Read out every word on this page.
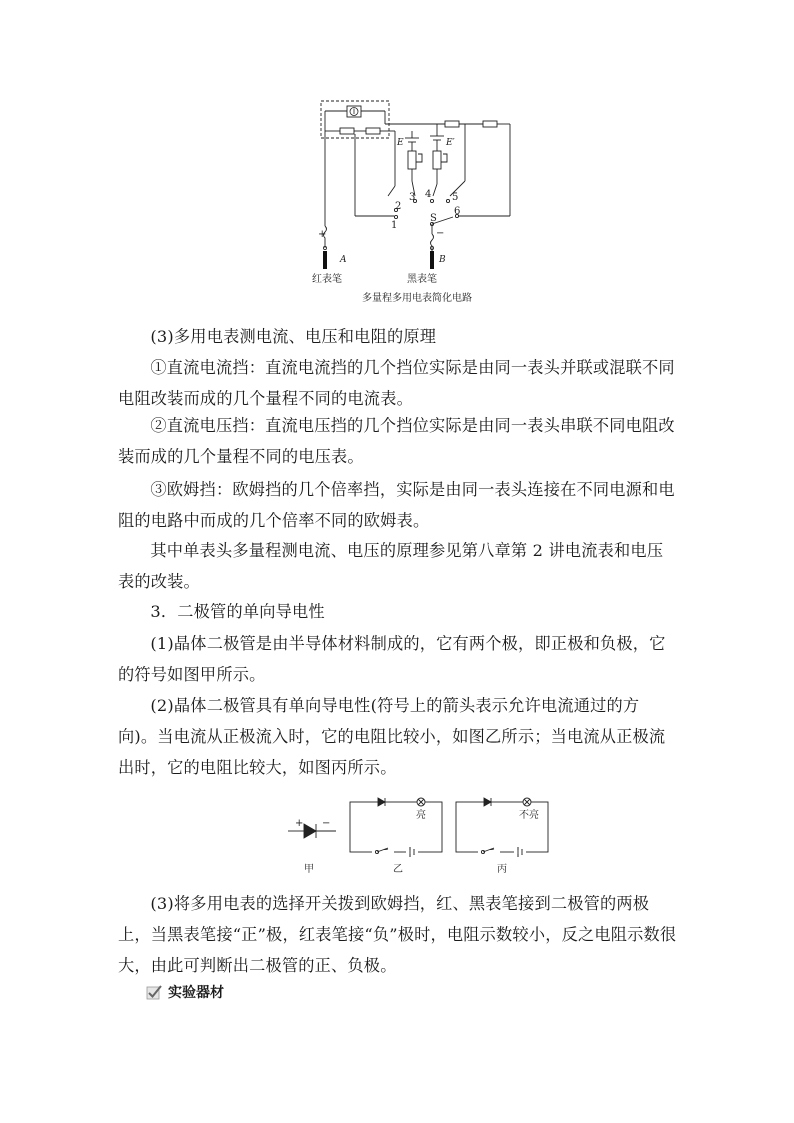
E	E′
2
1
3 4 5
6
S
+	−
A	B
红表笔	黑表笔
多量程多用电表简化电路

(3)多用电表测电流、电压和电阻的原理

①直流电流挡：直流电流挡的几个挡位实际是由同一表头并联或混联不同电阻改装而成的几个量程不同的电流表。

②直流电压挡：直流电压挡的几个挡位实际是由同一表头串联不同电阻改装而成的几个量程不同的电压表。

③欧姆挡：欧姆挡的几个倍率挡，实际是由同一表头连接在不同电源和电阻的电路中而成的几个倍率不同的欧姆表。

其中单表头多量程测电流、电压的原理参见第八章第 2 讲电流表和电压表的改装。

3．二极管的单向导电性

(1)晶体二极管是由半导体材料制成的，它有两个极，即正极和负极，它的符号如图甲所示。

(2)晶体二极管具有单向导电性(符号上的箭头表示允许电流通过的方向)。当电流从正极流入时，它的电阻比较小，如图乙所示；当电流从正极流出时，它的电阻比较大，如图丙所示。

+ −
亮	不亮
甲	乙	丙

(3)将多用电表的选择开关拨到欧姆挡，红、黑表笔接到二极管的两极上，当黑表笔接“正”极，红表笔接“负”极时，电阻示数较小，反之电阻示数很大，由此可判断出二极管的正、负极。

实验器材
